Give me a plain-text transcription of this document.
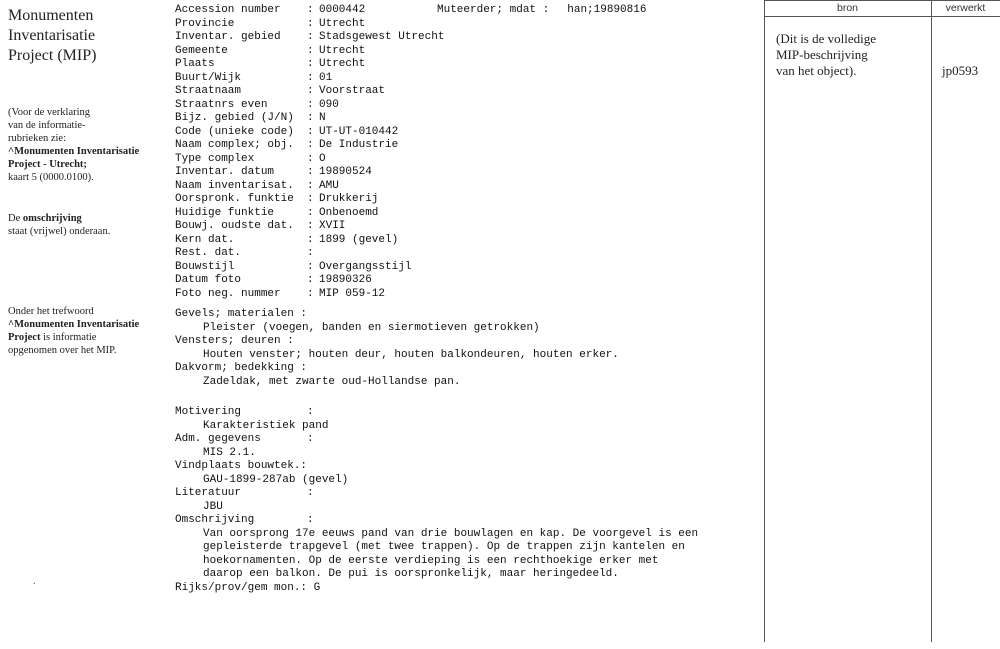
Monumenten
Inventarisatie
Project (MIP)
(Voor de verklaring
van de informatie-
rubrieken zie:
^Monumenten Inventarisatie
Project - Utrecht;
kaart 5 (0000.0100).
De omschrijving
staat (vrijwel) onderaan.
Onder het trefwoord
^Monumenten Inventarisatie
Project is informatie
opgenomen over het MIP.
.
Accession number	: 0000442
Provincie	: Utrecht
Inventar. gebied	: Stadsgewest Utrecht
Gemeente	: Utrecht
Plaats	: Utrecht
Buurt/Wijk	: 01
Straatnaam	: Voorstraat
Straatnrs even	: 090
Bijz. gebied (J/N)	: N
Code (unieke code)	: UT-UT-010442
Naam complex; obj.	: De Industrie
Type complex	: O
Inventar. datum	: 19890524
Naam inventarisat.	: AMU
Oorspronk. funktie	: Drukkerij
Huidige funktie	: Onbenoemd
Bouwj. oudste dat.	: XVII
Kern dat.	: 1899 (gevel)
Rest. dat.	:
Bouwstijl	: Overgangsstijl
Datum foto	: 19890326
Foto neg. nummer	: MIP 059-12
Muteerder; mdat : han;19890816
Gevels; materialen :
Pleister (voegen, banden en siermotieven getrokken)
Vensters; deuren :
Houten venster; houten deur, houten balkondeuren, houten erker.
Dakvorm; bedekking :
Zadeldak, met zwarte oud-Hollandse pan.
Motivering          :
Karakteristiek pand
Adm. gegevens       :
MIS 2.1.
Vindplaats bouwtek.:
GAU-1899-287ab (gevel)
Literatuur          :
JBU
Omschrijving        :
Van oorsprong 17e eeuws pand van drie bouwlagen en kap. De voorgevel is een
gepleisterde trapgevel (met twee trappen). Op de trappen zijn kantelen en
hoekornamenten. Op de eerste verdieping is een rechthoekige erker met
daarop een balkon. De pui is oorspronkelijk, maar heringedeeld.
Rijks/prov/gem mon.: G
bron	verwerkt
(Dit is de volledige
MIP-beschrijving
van het object).	jp0593
